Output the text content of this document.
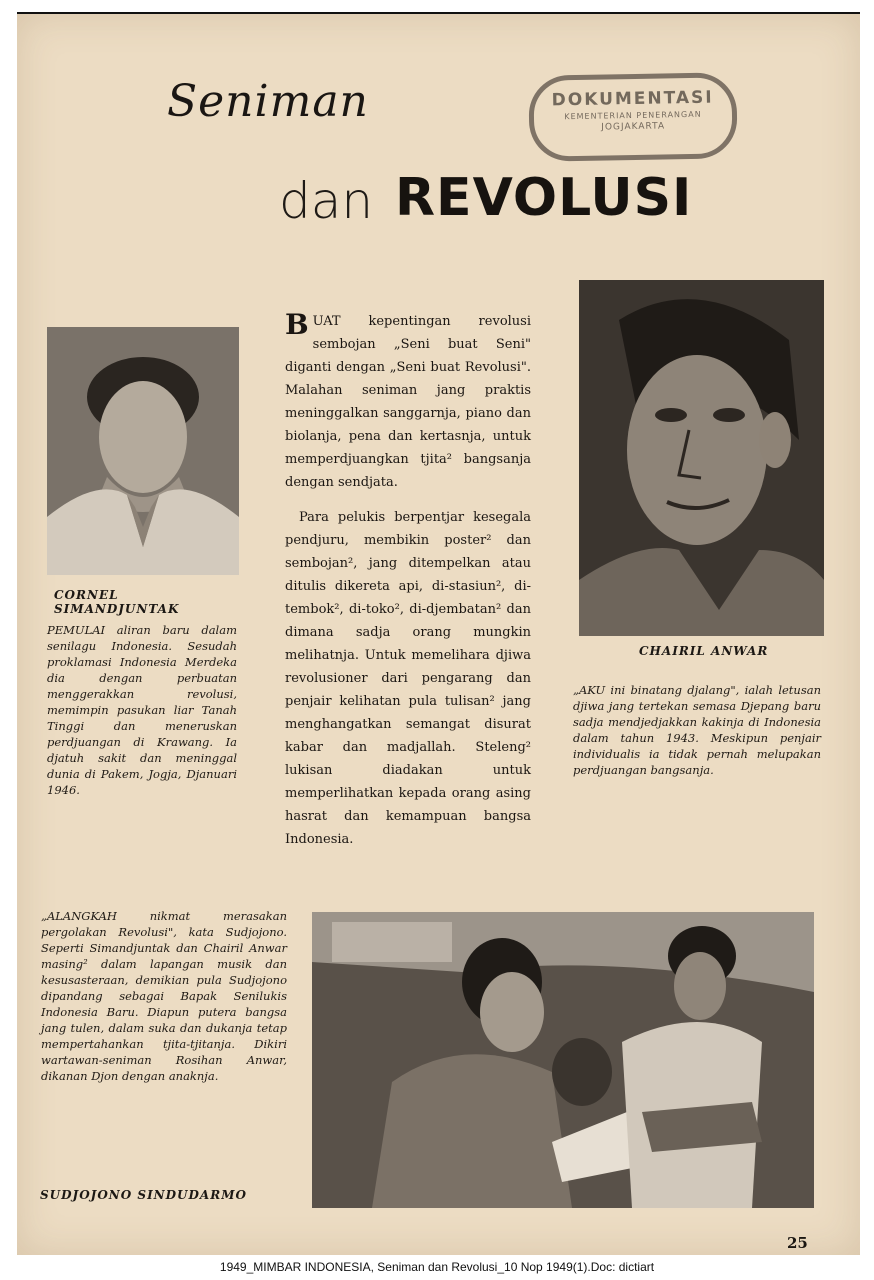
Seniman
dan REVOLUSI
DOKUMENTASI
KEMENTERIAN PENERANGAN
JOGJAKARTA
CORNEL SIMANDJUNTAK
PEMULAI aliran baru dalam senilagu Indonesia. Sesudah proklamasi Indonesia Merdeka dia dengan perbuatan menggerakkan revolusi, memimpin pasukan liar Tanah Tinggi dan meneruskan perdjuangan di Krawang. Ia djatuh sakit dan meninggal dunia di Pakem, Jogja, Djanuari 1946.

BUAT kepentingan revolusi sembojan „Seni buat Seni" diganti dengan „Seni buat Revolusi". Malahan seniman jang praktis meninggalkan sanggarnja, piano dan biolanja, pena dan kertasnja, untuk memperdjuangkan tjita² bangsanja dengan sendjata.

Para pelukis berpentjar kesegala pendjuru, membikin poster² dan sembojan², jang ditempelkan atau ditulis dikereta api, di-stasiun², di-tembok², di-toko², di-djembatan² dan dimana sadja orang mungkin melihatnja. Untuk memelihara djiwa revolusioner dari pengarang dan penjair kelihatan pula tulisan² jang menghangatkan semangat disurat kabar dan madjallah. Steleng² lukisan diadakan untuk memperlihatkan kepada orang asing hasrat dan kemampuan bangsa Indonesia.

CHAIRIL ANWAR
„AKU ini binatang djalang", ialah letusan djiwa jang tertekan semasa Djepang baru sadja mendjedjakkan kakinja di Indonesia dalam tahun 1943. Meskipun penjair individualis ia tidak pernah melupakan perdjuangan bangsanja.
„ALANGKAH nikmat merasakan pergolakan Revolusi", kata Sudjojono. Seperti Simandjuntak dan Chairil Anwar masing² dalam lapangan musik dan kesusasteraan, demikian pula Sudjojono dipandang sebagai Bapak Senilukis Indonesia Baru. Diapun putera bangsa jang tulen, dalam suka dan dukanja tetap mempertahankan tjita-tjitanja. Dikiri wartawan-seniman Rosihan Anwar, dikanan Djon dengan anaknja.
SUDJOJONO SINDUDARMO
25
1949_MIMBAR INDONESIA, Seniman dan Revolusi_10 Nop 1949(1).Doc: dictiart
